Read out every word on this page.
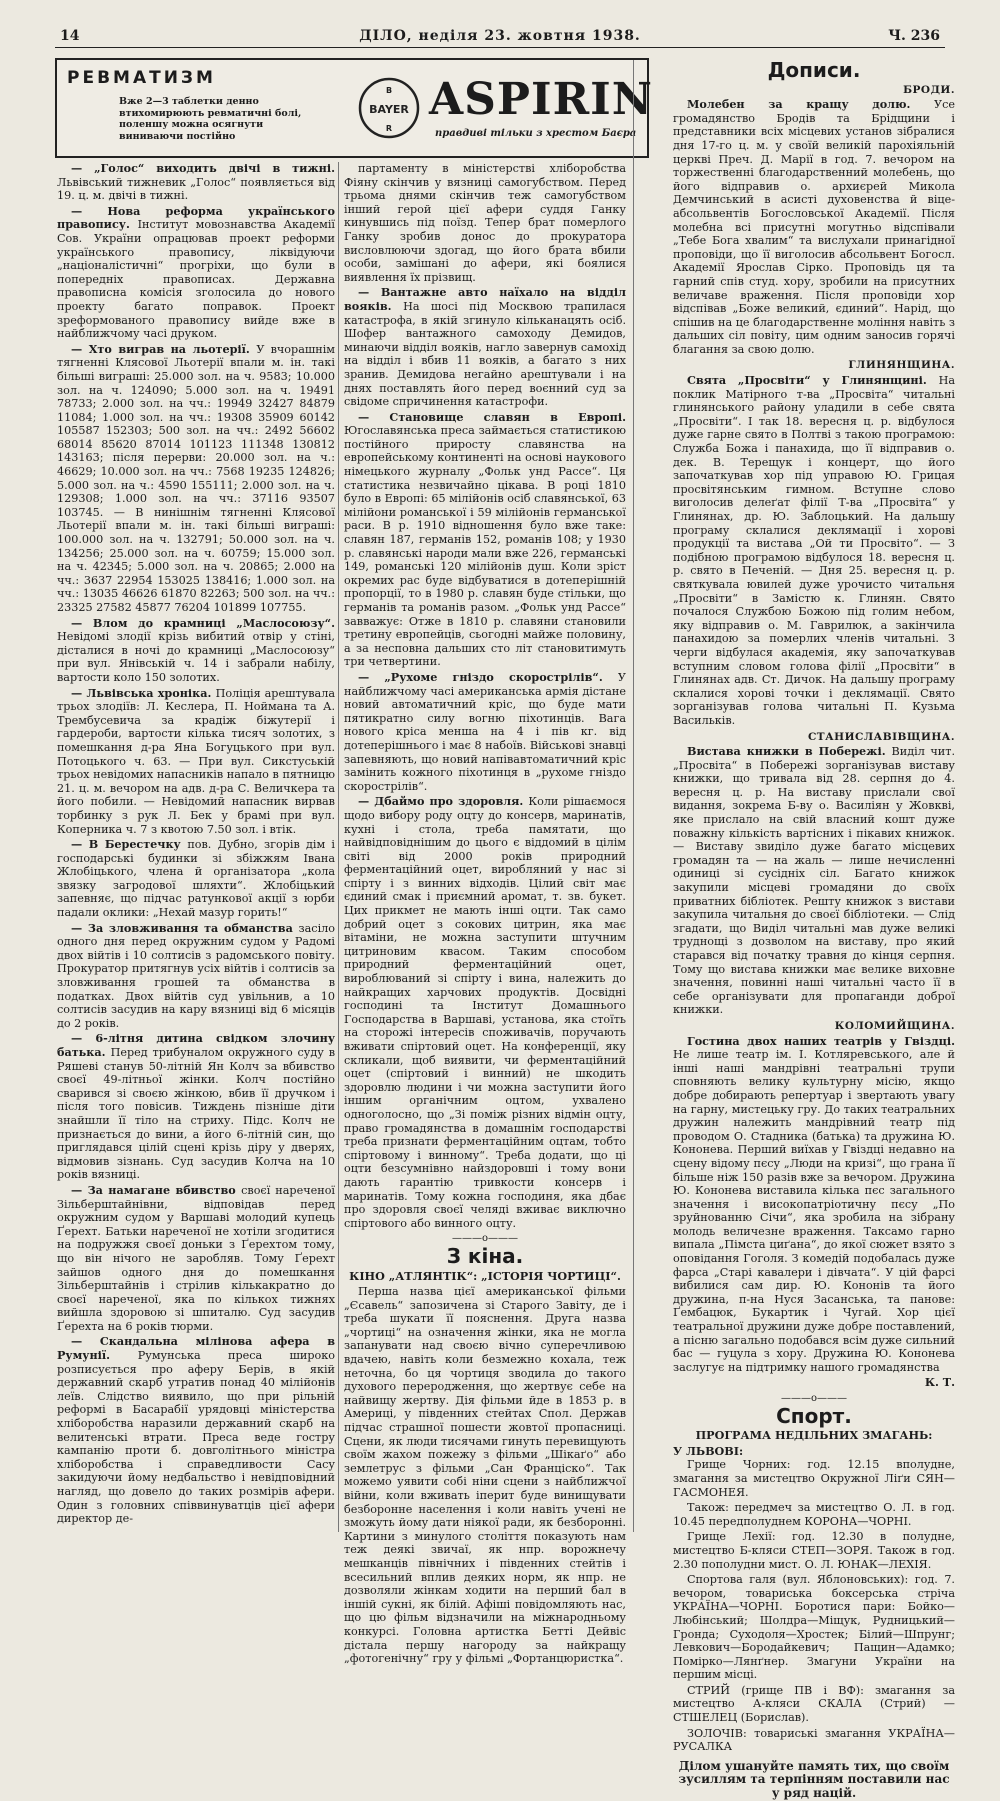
14	ДІЛО, неділя 23. жовтня 1938.	Ч. 236
РЕВМАТИЗМ
Вже 2—3 таблетки денно втихомирюють ревматичні болі, поленшу можна осягнути виниваючи постійно
BAYER
B
R
ASPIRIN
правдиві тільки з хрестом Баєра

— „Голос“ виходить двічі в тижні. Львівський тижневик „Голос“ появляється від 19. ц. м. двічі в тижні.

— Нова реформа українського правопису. Інститут мовознавства Академії Сов. України опрацював проект реформи українського правопису, ліквідуючи „націоналістичні“ прогріхи, що були в попередніх правописах. Державна правописна комісія зголосила до нового проекту багато поправок. Проект зреформованого правопису вийде вже в найближчому часі друком.

— Хто виграв на льотерії. У вчорашнім тягненні Клясової Льотерії впали м. ін. такі більші виграшi: 25.000 зол. на ч. 9583; 10.000 зол. на ч. 124090; 5.000 зол. на ч. 19491 78733; 2.000 зол. на чч.: 19949 32427 84879 11084; 1.000 зол. на чч.: 19308 35909 60142 105587 152303; 500 зол. на чч.: 2492 56602 68014 85620 87014 101123 111348 130812 143163; після перерви: 20.000 зол. на ч.: 46629; 10.000 зол. на чч.: 7568 19235 124826; 5.000 зол. на ч.: 4590 155111; 2.000 зол. на ч. 129308; 1.000 зол. на чч.: 37116 93507 103745. — В нинішнім тягненні Клясової Льотерії впали м. ін. такі більші виграшi: 100.000 зол. на ч. 132791; 50.000 зол. на ч. 134256; 25.000 зол. на ч. 60759; 15.000 зол. на ч. 42345; 5.000 зол. на ч. 20865; 2.000 на чч.: 3637 22954 153025 138416; 1.000 зол. на чч.: 13035 46626 61870 82263; 500 зол. на чч.: 23325 27582 45877 76204 101899 107755.

— Влом до крамниці „Маслосоюзу“. Невідомі злодії крізь вибитий отвір у стіні, дісталися в ночі до крамниці „Маслосоюзу“ при вул. Янівській ч. 14 і забрали набілу, вартости коло 150 золотих.

— Львівська хроніка. Поліція арештувала трьох злодіїв: Л. Кеслера, П. Ноймана та А. Трембусевича за крадіж біжутерії і гардероби, вартости кілька тисяч золотих, з помешкання д-ра Яна Богуцького при вул. Потоцького ч. 63. — При вул. Сикстуській трьох невідомих напасників напало в пятницю 21. ц. м. вечором на адв. д-ра С. Величкера та його побили. — Невідомий напасник вирвав торбинку з рук Л. Бек у брамі при вул. Коперника ч. 7 з квотою 7.50 зол. і втік.

— В Берестечку пов. Дубно, згорів дім і господарські будинки зі збіжжям Івана Жлобіцького, члена й організатора „кола звязку загродової шляхти“. Жлобіцький запевняє, що підчас ратункової акції з юрби падали оклики: „Нехай мазур горить!“

— За зловживання та обманства засіло одного дня перед окружним судом у Радомі двох війтів і 10 солтисів з радомського повіту. Прокуратор притягнув усіх війтів і солтисів за зловживання грошей та обманства в податках. Двох війтів суд увільнив, а 10 солтисів засудив на кару вязниці від 6 місяців до 2 років.

— 6-літня дитина свідком злочину батька. Перед трибуналом окружного суду в Ряшеві станув 50-літній Ян Колч за вбивство своєї 49-літньої жінки. Колч постійно сварився зі своєю жінкою, вбив її дручком і після того повісив. Тиждень пізніше діти знайшли її тіло на стриху. Підс. Колч не признається до вини, а його 6-літній син, що приглядався цілій сцені крізь діру у дверях, відмовив зізнань. Суд засудив Колча на 10 років вязниці.

— За намагане вбивство своєї нареченої Зільберштайнівни, відповідав перед окружним судом у Варшаві молодий купець Ґерехт. Батьки нареченої не хотіли згодитися на подружжя своєї доньки з Ґерехтом тому, що він нічого не заробляв. Тому Ґерехт зайшов одного дня до помешкання Зільберштайнів і стрілив кількакратно до своєї нареченої, яка по кількох тижнях вийшла здоровою зі шпиталю. Суд засудив Ґерехта на 6 років тюрми.

— Скандальна мілінова афера в Румунії. Румунська преса широко розписується про аферу Берів, в якій державний скарб утратив понад 40 мілійонів леїв. Слідство виявило, що при рільній реформі в Басарабії урядовці міністерства хліборобства наразили державний скарб на велитенські втрати. Преса веде гостру кампанію проти б. довголітнього міністра хліборобства і справедливости Сасу закидуючи йому недбальство і невідповідний нагляд, що довело до таких розмірів афери. Один з головних співвинуватців цієї афери директор де-

партаменту в міністерстві хліборобства Фіяну скінчив у вязниці самогубством. Перед трьома днями скінчив теж самогубством інший герой цієї афери суддя Ганку кинувшись під поїзд. Тепер брат померлого Ганку зробив донос до прокуратора висловлюючи здогад, що його брата вбили особи, замішані до афери, які боялися виявлення їх прізвищ.

— Вантажне авто наїхало на відділ вояків. На шосі під Москвою трапилася катастрофа, в якій згинуло кільканацять осіб. Шофер вантажного самоходу Демидов, минаючи відділ вояків, нагло завернув самохід на відділ і вбив 11 вояків, а багато з них зранив. Демидова негайно арештували і на днях поставлять його перед воєнний суд за свідоме спричинення катастрофи.

— Становище славян в Европі. Югославянська преса займається статистикою постійного приросту славянства на европейському континенті на основі наукового німецького журналу „Фольк унд Рассе“. Ця статистика незвичайно цікава. В році 1810 було в Европі: 65 мілійонів осіб славянської, 63 мілійони романської і 59 мілійонів германської раси. В р. 1910 відношення було вже таке: славян 187, германів 152, романів 108; у 1930 р. славянські народи мали вже 226, германські 149, романські 120 мілійонів душ. Коли зріст окремих рас буде відбуватися в дотеперішній пропорції, то в 1980 р. славян буде стільки, що германів та романів разом. „Фольк унд Рассе“ завважує: Отже в 1810 р. славяни становили третину европейців, сьогодні майже половину, а за несповна дальших сто літ становитимуть три четвертини.

— „Рухоме гніздо скорострілів“. У найближчому часі американська армія дістане новий автоматичний кріс, що буде мати пятикратно силу вогню піхотинців. Вага нового кріса менша на 4 і пів кг. від дотеперішнього і має 8 набоїв. Військові знавці запевняють, що новий напівавтоматичний кріс замінить кожного піхотинця в „рухоме гніздо скорострілів“.

— Дбаймо про здоровля. Коли рішаємося щодо вибору роду оцту до консерв, маринатів, кухні і стола, треба памятати, що найвідповіднішим до цього є віддомий в цілім світі від 2000 років природний ферментаційний оцет, виробляний у нас зі спірту і з винних відходів. Цілий світ має єдиний смак і приємний аромат, т. зв. букет. Цих прикмет не мають інші оцти. Так само добрий оцет з сокових цитрин, яка має вітаміни, не можна заступити штучним цитриновим квасом. Таким способом природний ферментаційний оцет, вироблюваний зі спірту і вина, належить до найкращих харчових продуктів. Досвідні господині та Інститут Домашнього Господарства в Варшаві, установа, яка стоїть на сторожі інтересів споживачів, поручають вживати спіртовий оцет. На конференції, яку скликали, щоб виявити, чи ферментаційний оцет (спіртовий і винний) не шкодить здоровлю людини і чи можна заступити його іншим органічним оцтом, ухвалено одноголосно, що „Зі поміж різних відмін оцту, право громадянства в домашнім господарстві треба признати ферментаційним оцтам, тобто спіртовому і винному“. Треба додати, що ці оцти безсумнівно найздоровші і тому вони дають гарантію тривкости консерв і маринатів. Тому кожна господиня, яка дбає про здоровля своєї челяді вживає виключно спіртового або винного оцту.

———o———
З кіна.
КІНО „АТЛЯНТІК“: „ІСТОРІЯ ЧОРТИЦІ“.

Перша назва цієї американської фільми „Єсавель“ запозичена зі Старого Завіту, де і треба шукати її пояснення. Друга назва „чортиці“ на означення жінки, яка не могла запанувати над своєю вічно суперечливою вдачею, навіть коли безмежно кохала, теж неточна, бо ця чортиця зводила до такого духового переродження, що жертвує себе на найвищу жертву. Дія фільми йде в 1853 р. в Америці, у південних стейтах Спол. Держав підчас страшної пошести жовтої пропасниці. Сцени, як люди тисячами гинуть перевищують своїм жахом пожежу з фільми „Шікаґо“ або землетрус з фільми „Сан Франціско“. Так можемо уявити собі ніни сцени з найближчої війни, коли вживать іперит буде винищувати безборонне населення і коли навіть учені не зможуть йому дати ніякої ради, як безборонні. Картини з минулого століття показують нам теж деякі звичаї, як нпр. ворожнечу мешканців північних і південних стейтів і всесильний вплив деяких норм, як нпр. не дозволяли жінкам ходити на перший бал в іншій сукні, як білій. Афіші повідомляють нас, що цю фільм відзначили на міжнародньому конкурсі. Головна артистка Бетті Дейвіс дістала першу нагороду за найкращу „фотогенічну“ гру у фільмі „Фортанцюристка“.

Дописи.
БРОДИ.

Молебен за кращу долю. Усе громадянство Бродів та Брідщини і представники всіх місцевих установ зібралися дня 17-го ц. м. у своїй великій парохіяльній церкві Преч. Д. Марії в год. 7. вечором на торжественні благодарственний молебень, що його відправив о. архиєрей Микола Демчинський в асисті духовенства й віце-абсольвентів Богословської Академії. Після молебна всі присутні могутньо відспівали „Тебе Бога хвалим“ та вислухали принагідної проповіди, що її виголосив абсольвент Богосл. Академії Ярослав Сірко. Проповідь ця та гарний спів студ. хору, зробили на присутних величаве враження. Після проповіди хор відспівав „Боже великий, єдиний“. Нарід, що спішив на це благодарственне моління навіть з дальших сіл повіту, цим одним заносив горячі благання за свою долю.

ГЛИНЯНЩИНА.

Свята „Просвіти“ у Глинянщині. На поклик Матірного т-ва „Просвіта“ читальні глинянського району уладили в себе свята „Просвіти“. І так 18. вересня ц. р. відбулося дуже гарне свято в Полтві з такою програмою: Служба Божа і панахида, що її відправив о. дек. В. Терещук і концерт, що його започаткував хор під управою Ю. Грицая просвітянським гимном. Вступне слово виголосив делеґат філії Т-ва „Просвіта“ у Глинянах, др. Ю. Заблоцький. На дальшу програму склалися деклямації і хорові продукції та вистава „Ой ти Просвіто“. — З подібною програмою відбулося 18. вересня ц. р. свято в Печеній. — Дня 25. вересня ц. р. святкувала ювилей дуже урочисто читальня „Просвіти“ в Замістю к. Глинян. Свято почалося Службою Божою під голим небом, яку відправив о. М. Гаврилюк, а закінчила панахидою за померлих членів читальні. З черги відбулася академія, яку започаткував вступним словом голова філії „Просвіти“ в Глинянах адв. Ст. Дичок. На дальшу програму склалися хорові точки і деклямації. Свято зорганізував голова читальні П. Кузьма Васильків.

СТАНИСЛАВІВЩИНА.

Вистава книжки в Побережі. Виділ чит. „Просвіта“ в Побережі зорганізував виставу книжки, що тривала від 28. серпня до 4. вересня ц. р. На виставу прислали свої видання, зокрема Б-ву о. Василіян у Жовкві, яке прислало на свій власний кошт дуже поважну кількість вартісних і пікавих книжок. — Виставу звиділо дуже багато місцевих громадян та — на жаль — лише нечисленні одиниці зі сусідніх сіл. Багато книжок закупили місцеві громадяни до своїх приватних бібліотек. Решту книжок з вистави закупила читальня до своєї бібліотеки. — Слід згадати, що Виділ читальні мав дуже великі труднощі з дозволом на виставу, про який старався від початку травня до кінця серпня. Тому що вистава книжки має велике виховне значення, повинні наші читальні часто її в себе організувати для пропаганди доброї книжки.

КОЛОМИЙЩИНА.

Гостина двох наших театрів у Гвіздці. Не лише театр ім. І. Котляревського, але й інші наші мандрівні театральні трупи сповняють велику культурну місію, якщо добре добирають репертуар і звертають увагу на гарну, мистецьку гру. До таких театральних дружин належить мандрівний театр під проводом О. Стадника (батька) та дружина Ю. Кононева. Перший виїхав у Гвіздці недавно на сцену відому пєсу „Люди на кризі“, що грана її більше ніж 150 разів вже за вечором. Дружина Ю. Кононева виставила кілька пєс загального значення і високопатріотичну пєсу „По зруйнованню Січи“, яка зробила на зібрану молодь величезне враження. Таксамо гарно випала „Пімста циґана“, до якої сюжет взято з оповідання Гоголя. З комедій подобалась дуже фарса „Старі кавалери і дівчата“. У цій фарсі вибилися сам дир. Ю. Кононів та його дружина, п-на Нуся Засанська, та панове: Ґембацюк, Букартик і Чугай. Хор цієї театральної дружини дуже добре поставлений, а пісню загально подобався всім дуже сильний бас — гуцула з хору. Дружина Ю. Кононева заслугує на підтримку нашого громадянства

К. Т.
———o———
Спорт.
ПРОГРАМА НЕДІЛЬНИХ ЗМАГАНЬ:
У ЛЬВОВІ:

Грище Чорних: год. 12.15 вполудне, змагання за мистецтво Окружної Ліґи СЯН—ГАСМОНЕЯ.

Також: передмеч за мистецтво О. Л. в год. 10.45 передполуднем КОРОНА—ЧОРНІ.

Грище Лехії: год. 12.30 в полудне, мистецтво Б-кляси СТЕП—ЗОРЯ. Також в год. 2.30 пополудни мист. О. Л. ЮНАК—ЛЕХІЯ.

Спортова галя (вул. Яблоновських): год. 7. вечором, товариська боксерська стріча УКРАЇНА—ЧОРНІ. Боротися пари: Бойко—Любінський; Шолдра—Міщук, Рудницький—Гронда; Суходоля—Хростек; Білий—Шпрунг; Левкович—Бородайкевич; Пащин—Адамко; Помірко—Лянґнер. Змагуни України на першим місці.

СТРИЙ (грище ПВ і ВФ): змагання за мистецтво А-кляси СКАЛА (Стрий) — СТШЕЛЕЦ (Борислав).

ЗОЛОЧІВ: товариські змагання УКРАЇНА—РУСАЛКА

Ділом ушануйте память тих, що своїм зусиллям та терпінням поставили нас у ряд націй.
